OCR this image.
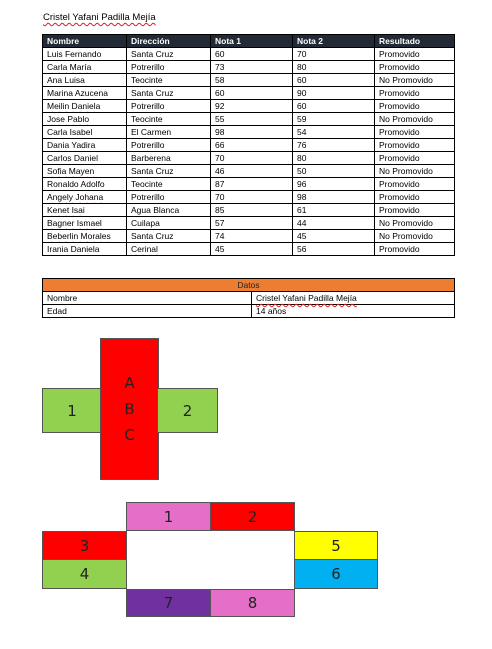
Cristel Yafani Padilla Mejía
Nombre	Dirección	Nota 1	Nota 2	Resultado
Luis Fernando	Santa Cruz	60	70	Promovido
Carla María	Potrerillo	73	80	Promovido
Ana Luisa	Teocinte	58	60	No Promovido
Marina Azucena	Santa Cruz	60	90	Promovido
Meilin Daniela	Potrerillo	92	60	Promovido
Jose Pablo	Teocinte	55	59	No Promovido
Carla Isabel	El Carmen	98	54	Promovido
Dania Yadira	Potrerillo	66	76	Promovido
Carlos Daniel	Barberena	70	80	Promovido
Sofia Mayen	Santa Cruz	46	50	No Promovido
Ronaldo Adolfo	Teocinte	87	96	Promovido
Angely Johana	Potrerillo	70	98	Promovido
Kenet Isai	Agua Blanca	85	61	Promovido
Bagner Ismael	Cuilapa	57	44	No Promovido
Beberlin Morales	Santa Cruz	74	45	No Promovido
Irania Daniela	Cerinal	45	56	Promovido
Datos	
Nombre	Cristel Yafani Padilla Mejía
Edad	14 años
1
A
B
C
2
1	2
3
4
5
6
7	8
